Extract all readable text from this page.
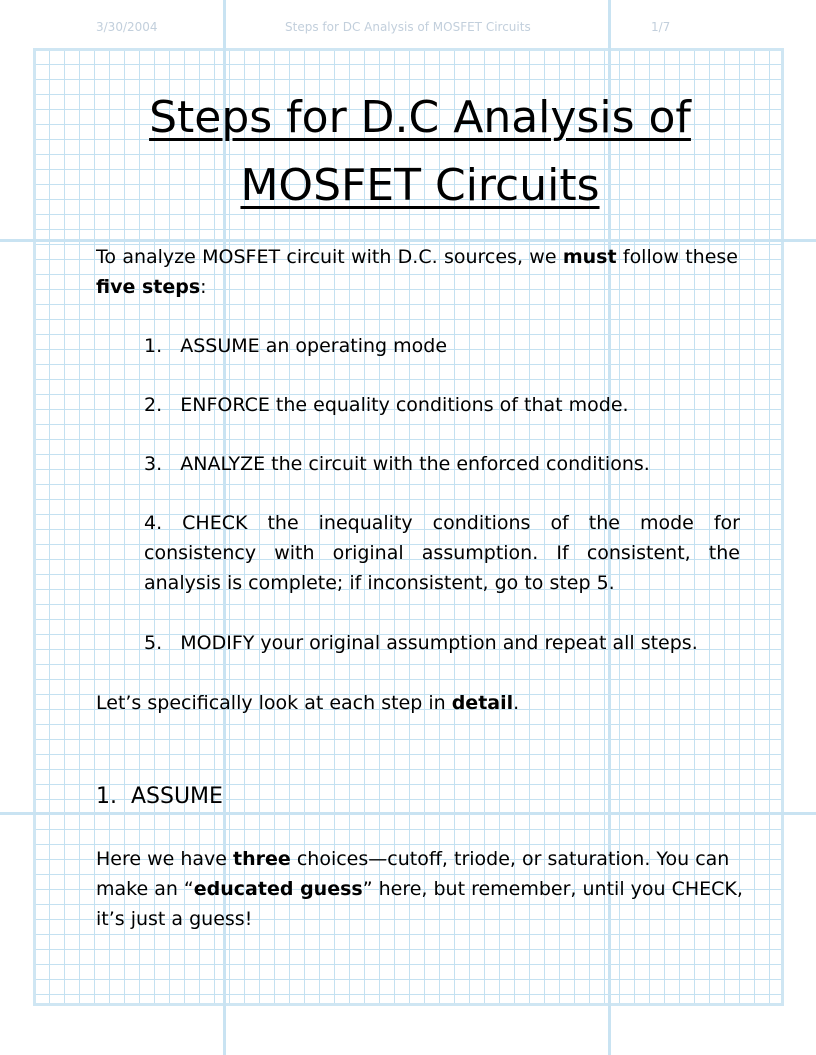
3/30/2004	Steps for DC Analysis of MOSFET Circuits	1/7
Steps for D.C Analysis of
MOSFET Circuits
To analyze MOSFET circuit with D.C. sources, we must follow these five steps:
1.   ASSUME an operating mode
2.   ENFORCE the equality conditions of that mode.
3.   ANALYZE the circuit with the enforced conditions.
4. CHECK the inequality conditions of the mode for consistency with original assumption. If consistent, the analysis is complete; if inconsistent, go to step 5.
5.   MODIFY your original assumption and repeat all steps.
Let’s specifically look at each step in detail.
1.  ASSUME
Here we have three choices—cutoff, triode, or saturation. You can make an “educated guess” here, but remember, until you CHECK, it’s just a guess!
